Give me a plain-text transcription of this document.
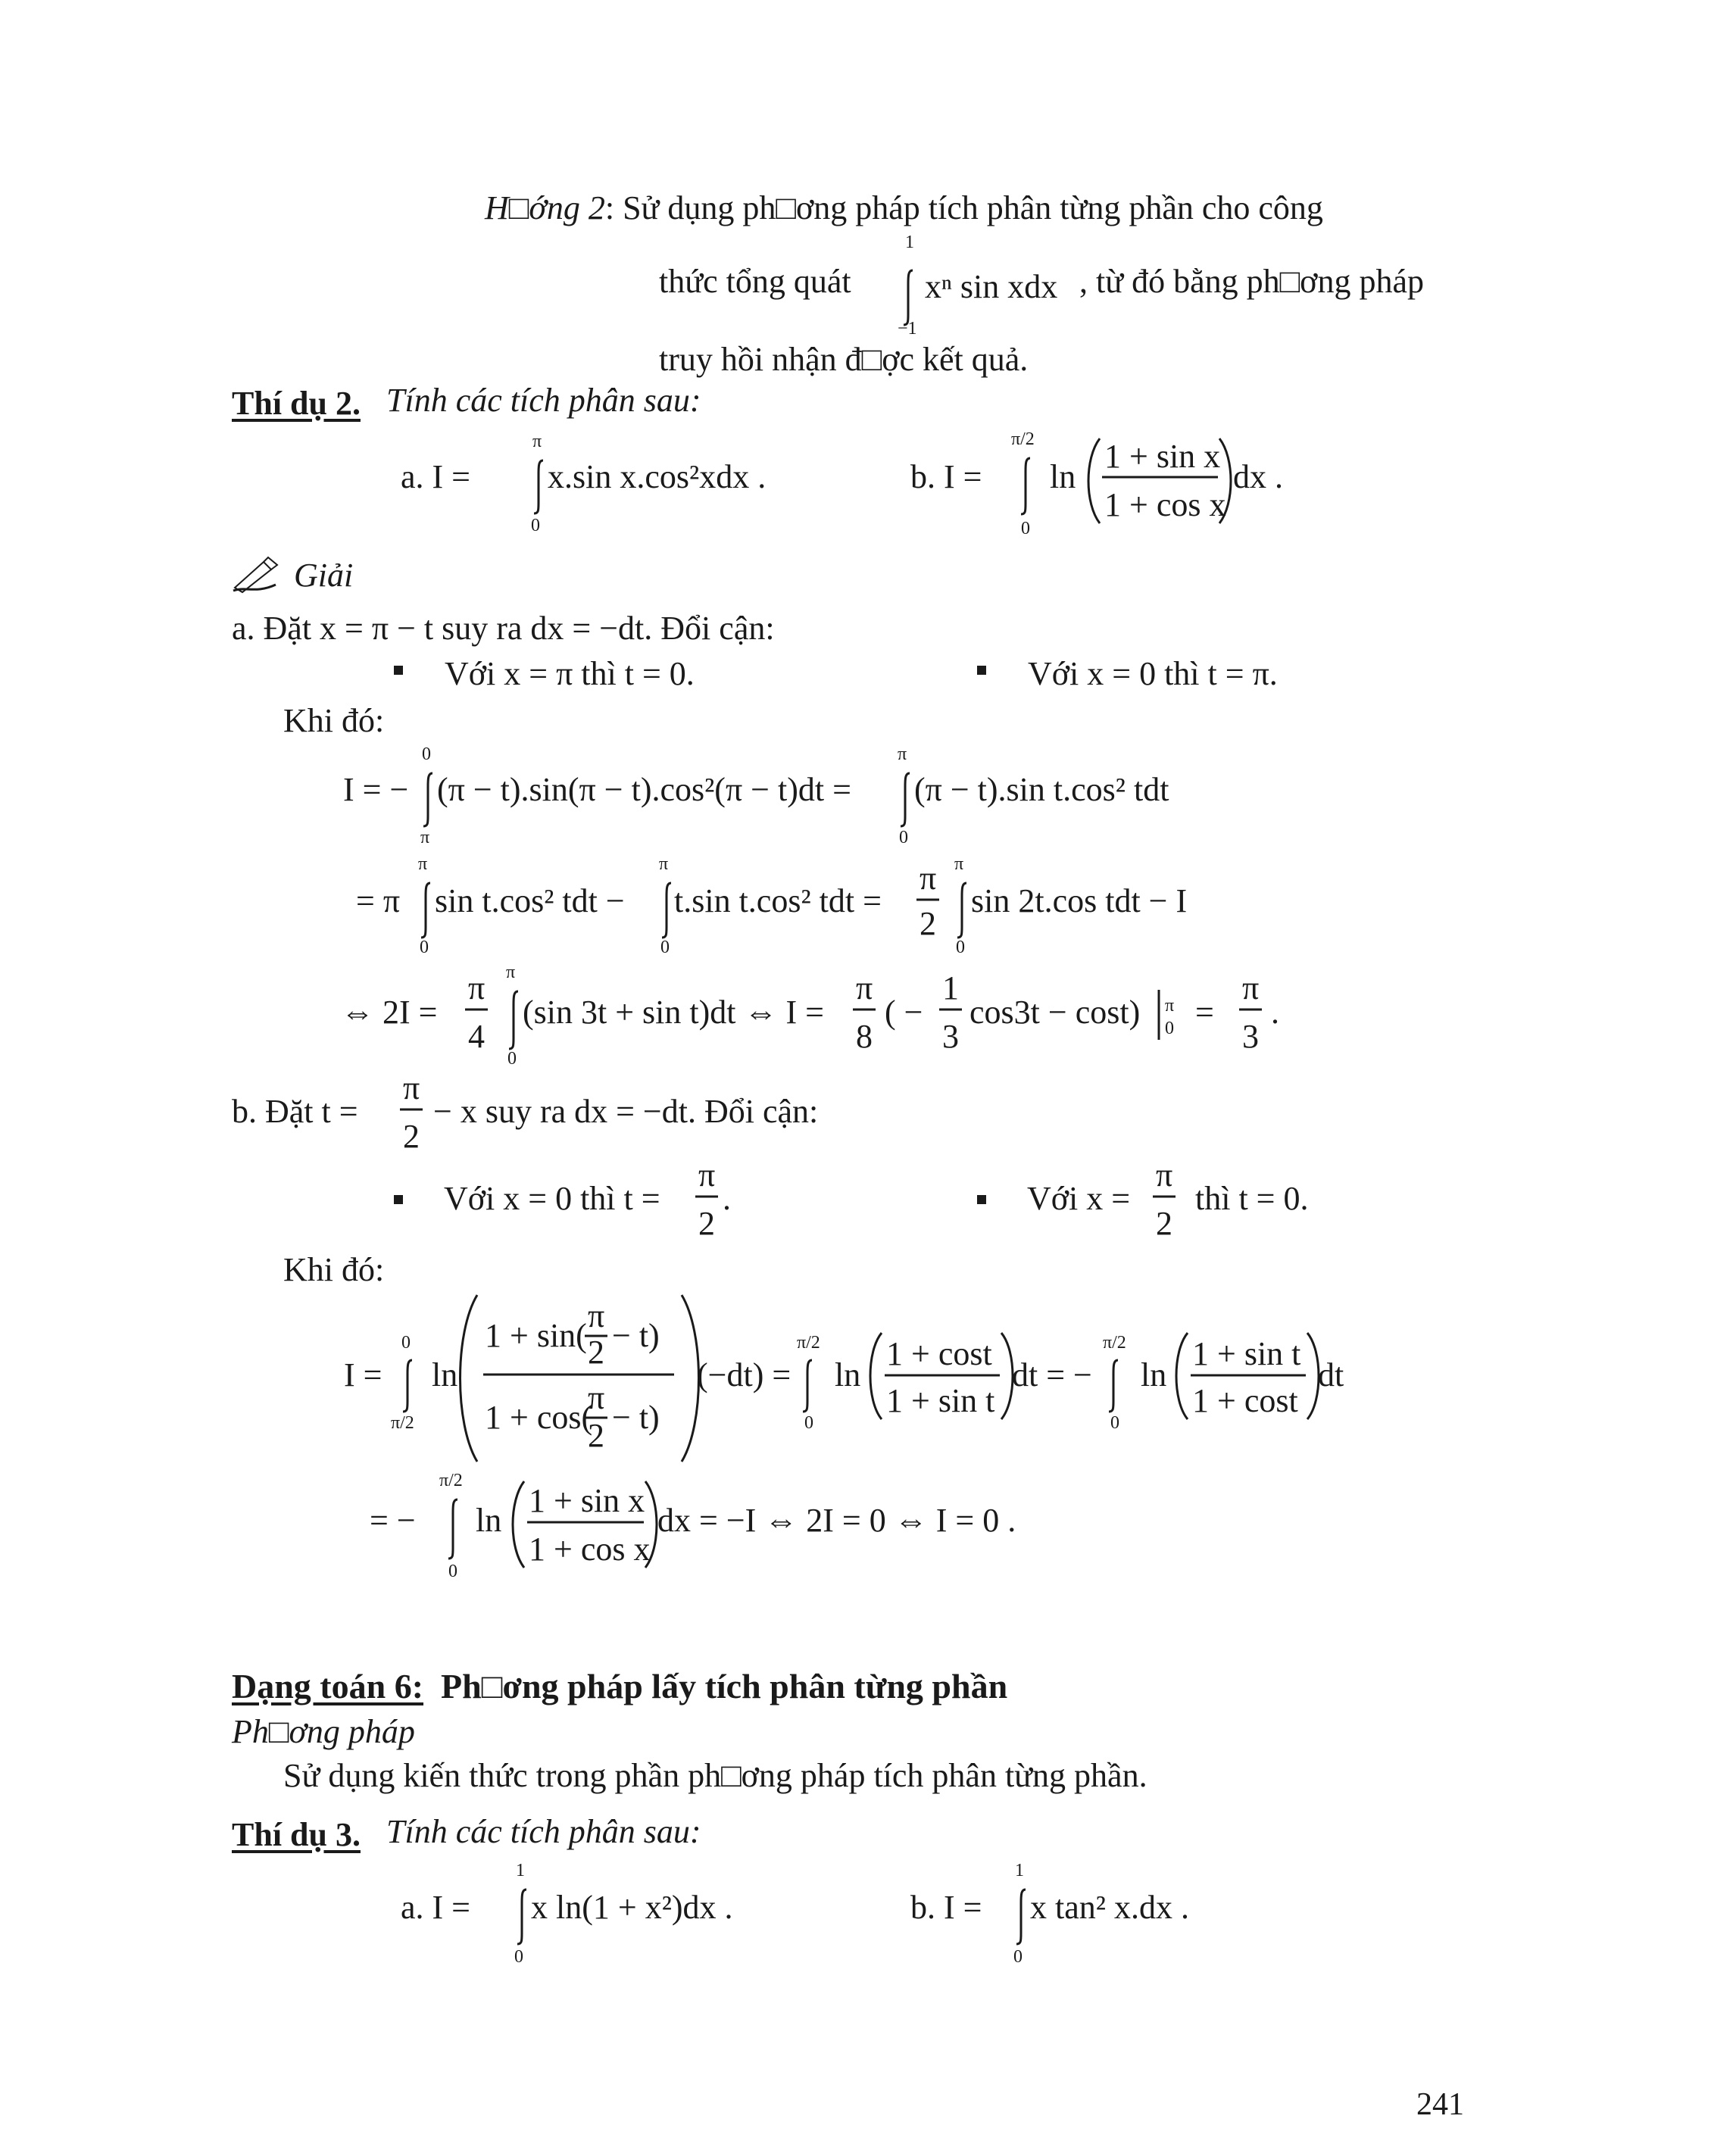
H□ớng 2: Sử dụng ph□ơng pháp tích phân từng phần cho công
thức tổng quát
1
−1
xⁿ sin xdx , từ đó bằng ph□ơng pháp
truy hồi nhận đ□ợc kết quả.
Thí dụ 2. Tính các tích phân sau:
a. I =
π
0
x.sin x.cos²xdx .	b. I =
π/2
0
ln
1 + sin x
1 + cos x
dx .
Giải
a. Đặt x = π − t suy ra dx = −dt. Đổi cận:
Với x = π thì t = 0.	Với x = 0 thì t = π.
Khi đó:
I = −
0
π
(π − t).sin(π − t).cos²(π − t)dt =
π
0
(π − t).sin t.cos² tdt
= π
π
0
sin t.cos² tdt −
π
0
t.sin t.cos² tdt =
π
2
π
0
sin 2t.cos tdt − I
⇔ 2I =
π
4
π
0
(sin 3t + sin t)dt ⇔ I =
π
8
( −
1
3
cos3t − cost) π
0 =
π
3
.
b. Đặt t =
π
2
− x suy ra dx = −dt. Đổi cận:
Với x = 0 thì t =
π
2
.	Với x =
π
2
thì t = 0.
Khi đó:
I =
0
π/2
ln
1 + sin(
π
2 − t)
1 + cos(
π
2 − t)
(−dt) =
π/2
0
ln
1 + cost
1 + sin t
dt = −
π/2
0
ln
1 + sin t
1 + cost
dt
= −
π/2
0
ln
1 + sin x
1 + cos x
dx = −I ⇔ 2I = 0 ⇔ I = 0 .
Dạng toán 6: Ph□ơng pháp lấy tích phân từng phần
Ph□ơng pháp
Sử dụng kiến thức trong phần ph□ơng pháp tích phân từng phần.
Thí dụ 3. Tính các tích phân sau:
a. I =
1
0
x ln(1 + x²)dx .	b. I =
1
0
x tan² x.dx .
241
